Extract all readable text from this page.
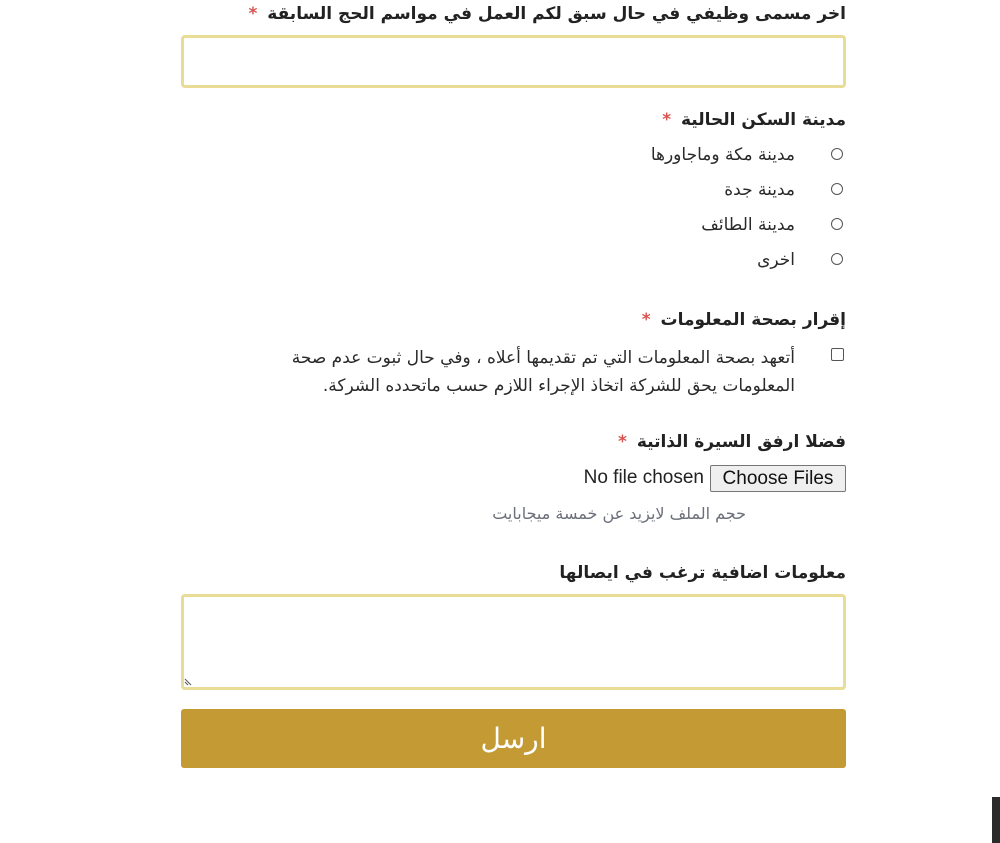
اخر مسمى وظيفي في حال سبق لكم العمل في مواسم الحج السابقة *
مدينة السكن الحالية *
مدينة مكة وماجاورها
مدينة جدة
مدينة الطائف
اخرى
إقرار بصحة المعلومات *
أتعهد بصحة المعلومات التي تم تقديمها أعلاه ، وفي حال ثبوت عدم صحة المعلومات يحق للشركة اتخاذ الإجراء اللازم حسب ماتحدده الشركة.
فضلا ارفق السيرة الذاتية *
Choose Files
No file chosen
حجم الملف لايزيد عن خمسة ميجابايت
معلومات اضافية ترغب في ايصالها
ارسل
